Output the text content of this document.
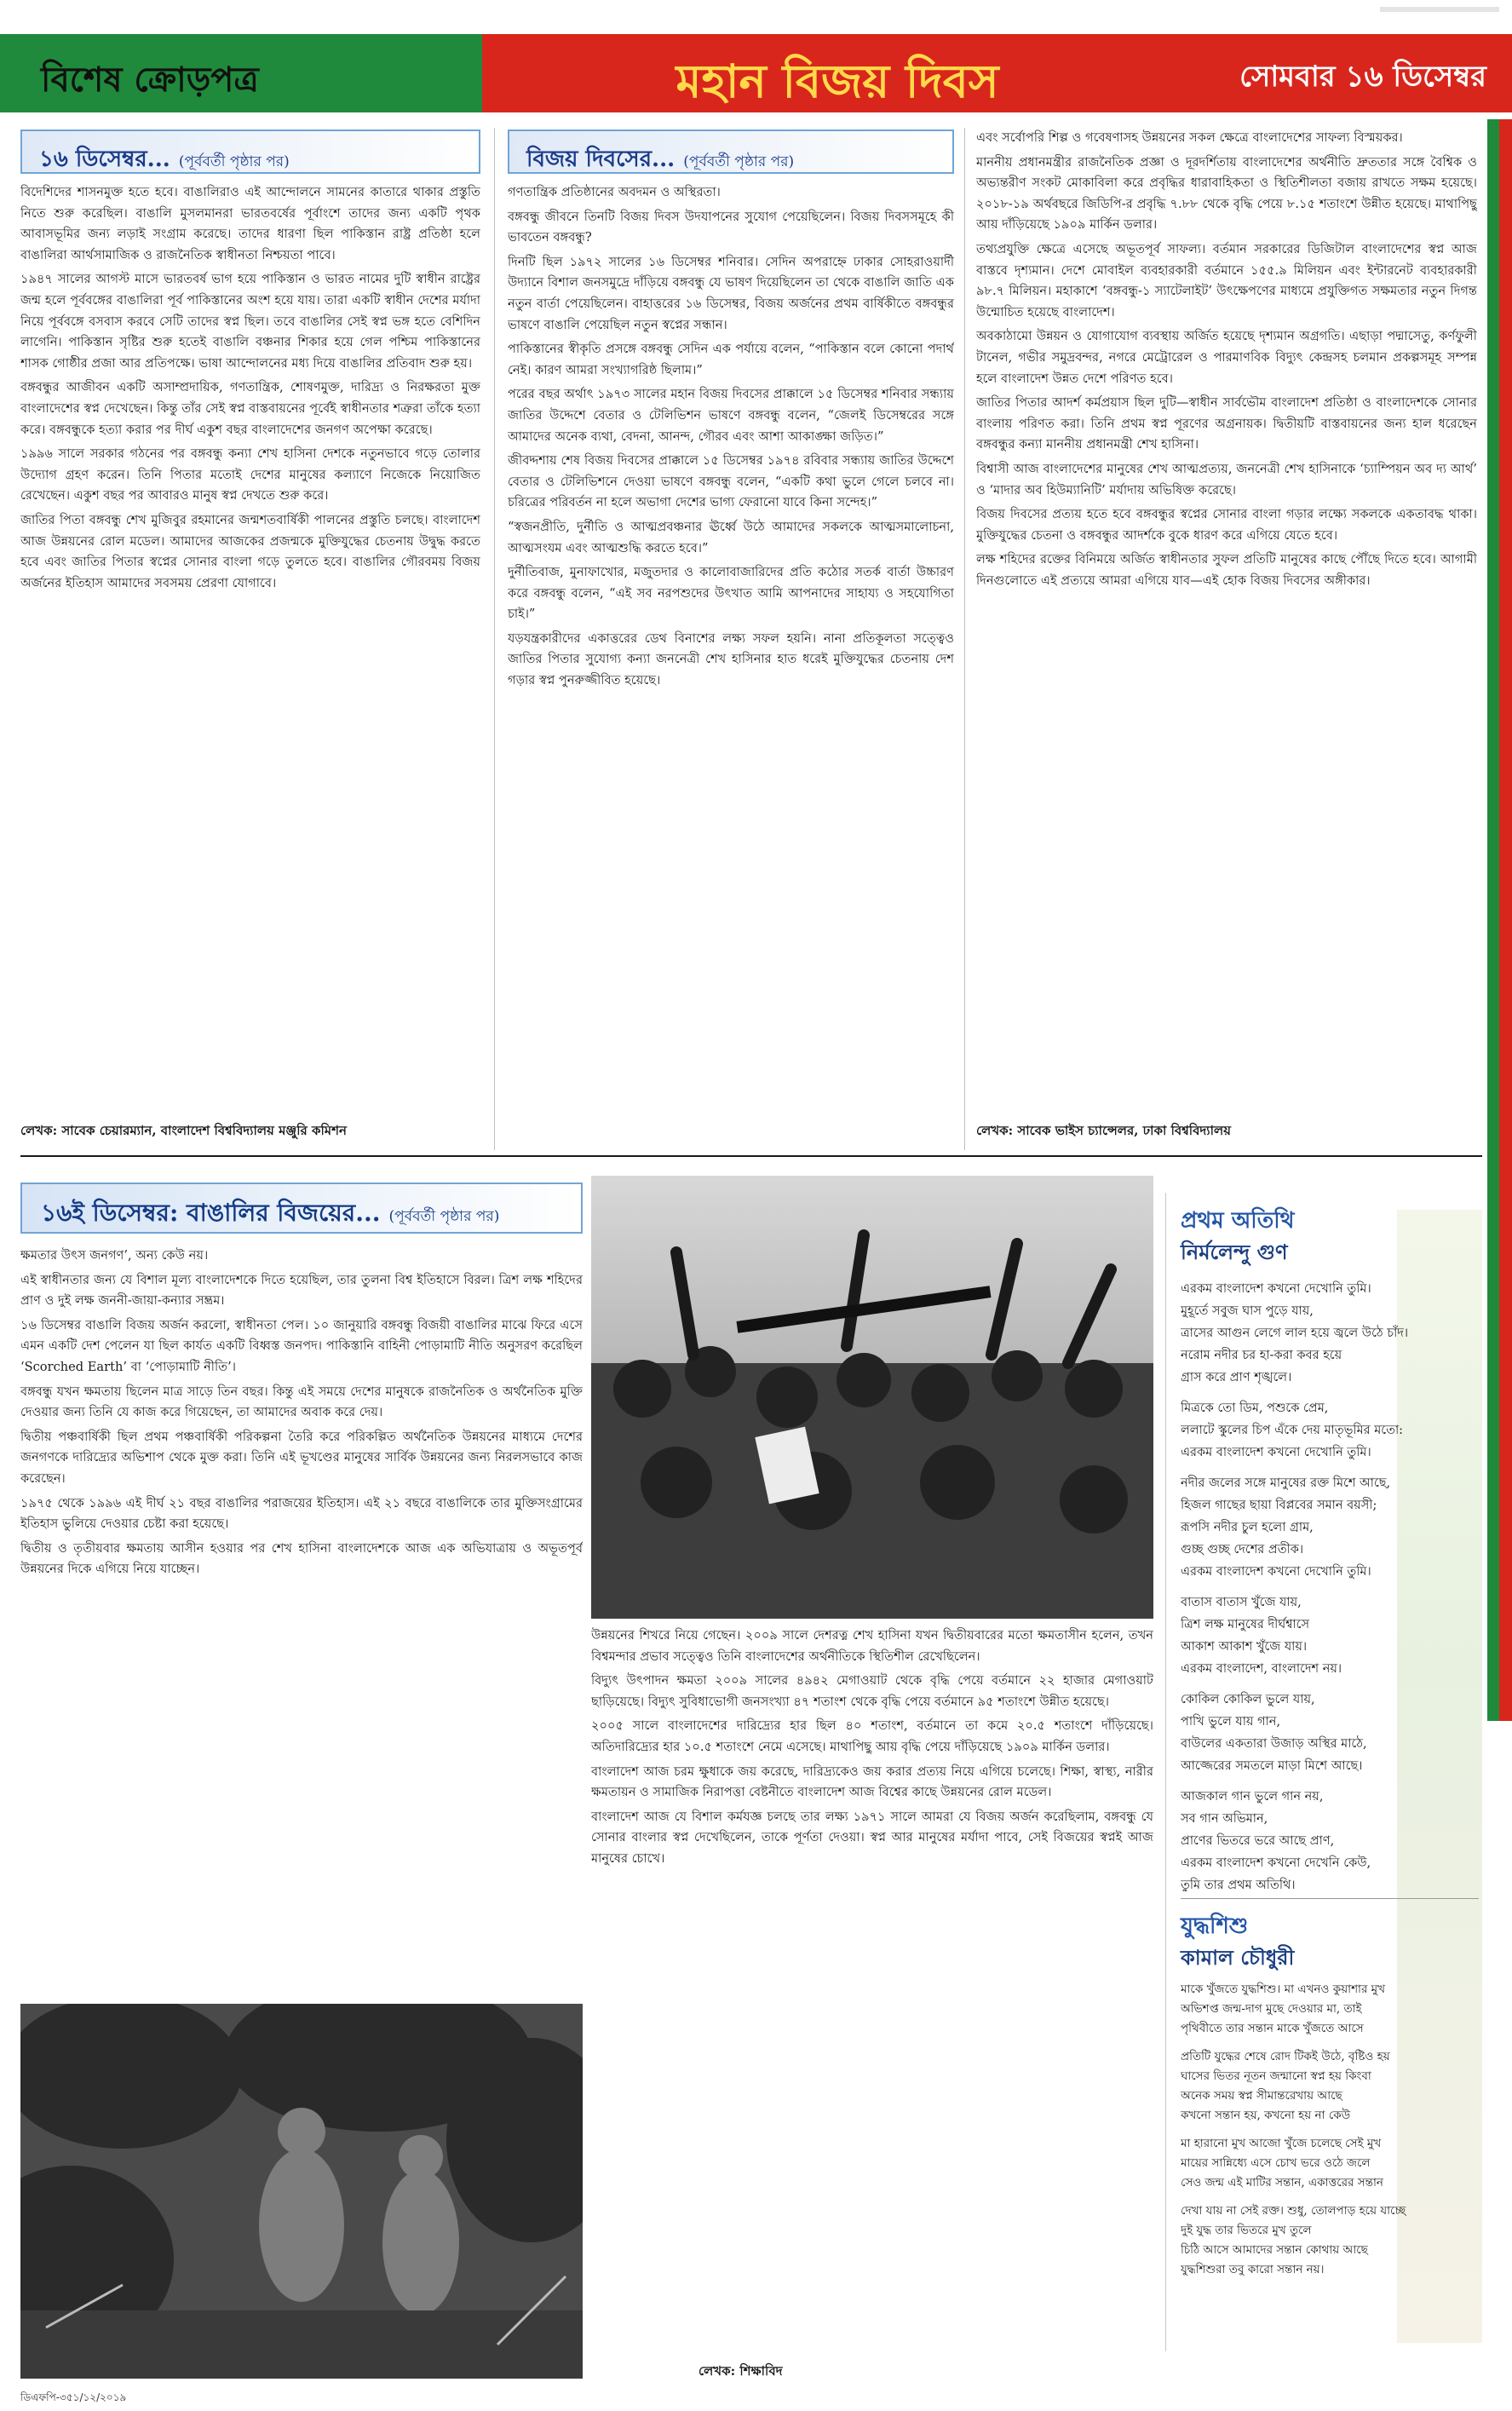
বিশেষ ক্রোড়পত্র	মহান বিজয় দিবস	সোমবার ১৬ ডিসেম্বর ২০১৯
১৬ ডিসেম্বর... (পূর্ববর্তী পৃষ্ঠার পর)

বিদেশিদের শাসনমুক্ত হতে হবে। বাঙালিরাও এই আন্দোলনে সামনের কাতারে থাকার প্রস্তুতি নিতে শুরু করেছিল। বাঙালি মুসলমানরা ভারতবর্ষের পূর্বাংশে তাদের জন্য একটি পৃথক আবাসভূমির জন্য লড়াই সংগ্রাম করেছে। তাদের ধারণা ছিল পাকিস্তান রাষ্ট্র প্রতিষ্ঠা হলে বাঙালিরা আর্থসামাজিক ও রাজনৈতিক স্বাধীনতা নিশ্চয়তা পাবে।

১৯৪৭ সালের আগস্ট মাসে ভারতবর্ষ ভাগ হয়ে পাকিস্তান ও ভারত নামের দুটি স্বাধীন রাষ্ট্রের জন্ম হলে পূর্ববঙ্গের বাঙালিরা পূর্ব পাকিস্তানের অংশ হয়ে যায়। তারা একটি স্বাধীন দেশের মর্যাদা নিয়ে পূর্ববঙ্গে বসবাস করবে সেটি তাদের স্বপ্ন ছিল। তবে বাঙালির সেই স্বপ্ন ভঙ্গ হতে বেশিদিন লাগেনি। পাকিস্তান সৃষ্টির শুরু হতেই বাঙালি বঞ্চনার শিকার হয়ে গেল পশ্চিম পাকিস্তানের শাসক গোষ্ঠীর প্রজা আর প্রতিপক্ষে। ভাষা আন্দোলনের মধ্য দিয়ে বাঙালির প্রতিবাদ শুরু হয়।

বঙ্গবন্ধুর আজীবন একটি অসাম্প্রদায়িক, গণতান্ত্রিক, শোষণমুক্ত, দারিদ্র্য ও নিরক্ষরতা মুক্ত বাংলাদেশের স্বপ্ন দেখেছেন। কিন্তু তাঁর সেই স্বপ্ন বাস্তবায়নের পূর্বেই স্বাধীনতার শত্রুরা তাঁকে হত্যা করে। বঙ্গবন্ধুকে হত্যা করার পর দীর্ঘ একুশ বছর বাংলাদেশের জনগণ অপেক্ষা করেছে।

১৯৯৬ সালে সরকার গঠনের পর বঙ্গবন্ধু কন্যা শেখ হাসিনা দেশকে নতুনভাবে গড়ে তোলার উদ্যোগ গ্রহণ করেন। তিনি পিতার মতোই দেশের মানুষের কল্যাণে নিজেকে নিয়োজিত রেখেছেন। একুশ বছর পর আবারও মানুষ স্বপ্ন দেখতে শুরু করে।

জাতির পিতা বঙ্গবন্ধু শেখ মুজিবুর রহমানের জন্মশতবার্ষিকী পালনের প্রস্তুতি চলছে। বাংলাদেশ আজ উন্নয়নের রোল মডেল। আমাদের আজকের প্রজন্মকে মুক্তিযুদ্ধের চেতনায় উদ্বুদ্ধ করতে হবে এবং জাতির পিতার স্বপ্নের সোনার বাংলা গড়ে তুলতে হবে। বাঙালির গৌরবময় বিজয় অর্জনের ইতিহাস আমাদের সবসময় প্রেরণা যোগাবে।

লেখক: সাবেক চেয়ারম্যান, বাংলাদেশ বিশ্ববিদ্যালয় মঞ্জুরি কমিশন
বিজয় দিবসের... (পূর্ববর্তী পৃষ্ঠার পর)

গণতান্ত্রিক প্রতিষ্ঠানের অবদমন ও অস্থিরতা।

বঙ্গবন্ধু জীবনে তিনটি বিজয় দিবস উদযাপনের সুযোগ পেয়েছিলেন। বিজয় দিবসসমূহে কী ভাবতেন বঙ্গবন্ধু?

দিনটি ছিল ১৯৭২ সালের ১৬ ডিসেম্বর শনিবার। সেদিন অপরাহ্নে ঢাকার সোহরাওয়ার্দী উদ্যানে বিশাল জনসমুদ্রে দাঁড়িয়ে বঙ্গবন্ধু যে ভাষণ দিয়েছিলেন তা থেকে বাঙালি জাতি এক নতুন বার্তা পেয়েছিলেন। বাহাত্তরের ১৬ ডিসেম্বর, বিজয় অর্জনের প্রথম বার্ষিকীতে বঙ্গবন্ধুর ভাষণে বাঙালি পেয়েছিল নতুন স্বপ্নের সন্ধান।

পাকিস্তানের স্বীকৃতি প্রসঙ্গে বঙ্গবন্ধু সেদিন এক পর্যায়ে বলেন, “পাকিস্তান বলে কোনো পদার্থ নেই। কারণ আমরা সংখ্যাগরিষ্ঠ ছিলাম।”

পরের বছর অর্থাৎ ১৯৭৩ সালের মহান বিজয় দিবসের প্রাক্কালে ১৫ ডিসেম্বর শনিবার সন্ধ্যায় জাতির উদ্দেশে বেতার ও টেলিভিশন ভাষণে বঙ্গবন্ধু বলেন, “জেলই ডিসেম্বরের সঙ্গে আমাদের অনেক ব্যথা, বেদনা, আনন্দ, গৌরব এবং আশা আকাঙ্ক্ষা জড়িত।”

জীবদ্দশায় শেষ বিজয় দিবসের প্রাক্কালে ১৫ ডিসেম্বর ১৯৭৪ রবিবার সন্ধ্যায় জাতির উদ্দেশে বেতার ও টেলিভিশনে দেওয়া ভাষণে বঙ্গবন্ধু বলেন, “একটি কথা ভুলে গেলে চলবে না। চরিত্রের পরিবর্তন না হলে অভাগা দেশের ভাগ্য ফেরানো যাবে কিনা সন্দেহ।”

“স্বজনপ্রীতি, দুর্নীতি ও আত্মপ্রবঞ্চনার ঊর্ধ্বে উঠে আমাদের সকলকে আত্মসমালোচনা, আত্মসংযম এবং আত্মশুদ্ধি করতে হবে।”

দুর্নীতিবাজ, মুনাফাখোর, মজুতদার ও কালোবাজারিদের প্রতি কঠোর সতর্ক বার্তা উচ্চারণ করে বঙ্গবন্ধু বলেন, “এই সব নরপশুদের উৎখাত আমি আপনাদের সাহায্য ও সহযোগিতা চাই।”

যড়যন্ত্রকারীদের একাত্তরের ডেথ বিনাশের লক্ষ্য সফল হয়নি। নানা প্রতিকূলতা সত্ত্বেও জাতির পিতার সুযোগ্য কন্যা জননেত্রী শেখ হাসিনার হাত ধরেই মুক্তিযুদ্ধের চেতনায় দেশ গড়ার স্বপ্ন পুনরুজ্জীবিত হয়েছে।

এবং সর্বোপরি শিল্প ও গবেষণাসহ উন্নয়নের সকল ক্ষেত্রে বাংলাদেশের সাফল্য বিস্ময়কর।

মাননীয় প্রধানমন্ত্রীর রাজনৈতিক প্রজ্ঞা ও দূরদর্শিতায় বাংলাদেশের অর্থনীতি দ্রুততার সঙ্গে বৈশ্বিক ও অভ্যন্তরীণ সংকট মোকাবিলা করে প্রবৃদ্ধির ধারাবাহিকতা ও স্থিতিশীলতা বজায় রাখতে সক্ষম হয়েছে। ২০১৮-১৯ অর্থবছরে জিডিপি-র প্রবৃদ্ধি ৭.৮৮ থেকে বৃদ্ধি পেয়ে ৮.১৫ শতাংশে উন্নীত হয়েছে। মাথাপিছু আয় দাঁড়িয়েছে ১৯০৯ মার্কিন ডলার।

তথ্যপ্রযুক্তি ক্ষেত্রে এসেছে অভূতপূর্ব সাফল্য। বর্তমান সরকারের ডিজিটাল বাংলাদেশের স্বপ্ন আজ বাস্তবে দৃশ্যমান। দেশে মোবাইল ব্যবহারকারী বর্তমানে ১৫৫.৯ মিলিয়ন এবং ইন্টারনেট ব্যবহারকারী ৯৮.৭ মিলিয়ন। মহাকাশে ‘বঙ্গবন্ধু-১ স্যাটেলাইট’ উৎক্ষেপণের মাধ্যমে প্রযুক্তিগত সক্ষমতার নতুন দিগন্ত উন্মোচিত হয়েছে বাংলাদেশ।

অবকাঠামো উন্নয়ন ও যোগাযোগ ব্যবস্থায় অর্জিত হয়েছে দৃশ্যমান অগ্রগতি। এছাড়া পদ্মাসেতু, কর্ণফুলী টানেল, গভীর সমুদ্রবন্দর, নগরে মেট্রোরেল ও পারমাণবিক বিদ্যুৎ কেন্দ্রসহ চলমান প্রকল্পসমূহ সম্পন্ন হলে বাংলাদেশ উন্নত দেশে পরিণত হবে।

জাতির পিতার আদর্শ কর্মপ্রয়াস ছিল দুটি—স্বাধীন সার্বভৌম বাংলাদেশ প্রতিষ্ঠা ও বাংলাদেশকে সোনার বাংলায় পরিণত করা। তিনি প্রথম স্বপ্ন পূরণের অগ্রনায়ক। দ্বিতীয়টি বাস্তবায়নের জন্য হাল ধরেছেন বঙ্গবন্ধুর কন্যা মাননীয় প্রধানমন্ত্রী শেখ হাসিনা।

বিশ্বাসী আজ বাংলাদেশের মানুষের শেখ আত্মপ্রত্যয়, জননেত্রী শেখ হাসিনাকে ‘চ্যাম্পিয়ন অব দ্য আর্থ’ ও ‘মাদার অব হিউম্যানিটি’ মর্যাদায় অভিষিক্ত করেছে।

বিজয় দিবসের প্রত্যয় হতে হবে বঙ্গবন্ধুর স্বপ্নের সোনার বাংলা গড়ার লক্ষ্যে সকলকে একতাবদ্ধ থাকা। মুক্তিযুদ্ধের চেতনা ও বঙ্গবন্ধুর আদর্শকে বুকে ধারণ করে এগিয়ে যেতে হবে।

লক্ষ শহিদের রক্তের বিনিময়ে অর্জিত স্বাধীনতার সুফল প্রতিটি মানুষের কাছে পৌঁছে দিতে হবে। আগামী দিনগুলোতে এই প্রত্যয়ে আমরা এগিয়ে যাব—এই হোক বিজয় দিবসের অঙ্গীকার।

লেখক: সাবেক ভাইস চ্যান্সেলর, ঢাকা বিশ্ববিদ্যালয়
১৬ই ডিসেম্বর: বাঙালির বিজয়ের... (পূর্ববর্তী পৃষ্ঠার পর)

ক্ষমতার উৎস জনগণ’, অন্য কেউ নয়।

এই স্বাধীনতার জন্য যে বিশাল মূল্য বাংলাদেশকে দিতে হয়েছিল, তার তুলনা বিশ্ব ইতিহাসে বিরল। ত্রিশ লক্ষ শহিদের প্রাণ ও দুই লক্ষ জননী-জায়া-কন্যার সম্ভ্রম।

১৬ ডিসেম্বর বাঙালি বিজয় অর্জন করলো, স্বাধীনতা পেল। ১০ জানুয়ারি বঙ্গবন্ধু বিজয়ী বাঙালির মাঝে ফিরে এসে এমন একটি দেশ পেলেন যা ছিল কার্যত একটি বিধ্বস্ত জনপদ। পাকিস্তানি বাহিনী পোড়ামাটি নীতি অনুসরণ করেছিল ‘Scorched Earth’ বা ‘পোড়ামাটি নীতি’।

বঙ্গবন্ধু যখন ক্ষমতায় ছিলেন মাত্র সাড়ে তিন বছর। কিন্তু এই সময়ে দেশের মানুষকে রাজনৈতিক ও অর্থনৈতিক মুক্তি দেওয়ার জন্য তিনি যে কাজ করে গিয়েছেন, তা আমাদের অবাক করে দেয়।

দ্বিতীয় পঞ্চবার্ষিকী ছিল প্রথম পঞ্চবার্ষিকী পরিকল্পনা তৈরি করে পরিকল্পিত অর্থনৈতিক উন্নয়নের মাধ্যমে দেশের জনগণকে দারিদ্র্যের অভিশাপ থেকে মুক্ত করা। তিনি এই ভূখণ্ডের মানুষের সার্বিক উন্নয়নের জন্য নিরলসভাবে কাজ করেছেন।

১৯৭৫ থেকে ১৯৯৬ এই দীর্ঘ ২১ বছর বাঙালির পরাজয়ের ইতিহাস। এই ২১ বছরে বাঙালিকে তার মুক্তিসংগ্রামের ইতিহাস ভুলিয়ে দেওয়ার চেষ্টা করা হয়েছে।

দ্বিতীয় ও তৃতীয়বার ক্ষমতায় আসীন হওয়ার পর শেখ হাসিনা বাংলাদেশকে আজ এক অভিযাত্রায় ও অভূতপূর্ব উন্নয়নের দিকে এগিয়ে নিয়ে যাচ্ছেন।

উন্নয়নের শিখরে নিয়ে গেছেন। ২০০৯ সালে দেশরত্ন শেখ হাসিনা যখন দ্বিতীয়বারের মতো ক্ষমতাসীন হলেন, তখন বিশ্বমন্দার প্রভাব সত্ত্বেও তিনি বাংলাদেশের অর্থনীতিকে স্থিতিশীল রেখেছিলেন।

বিদ্যুৎ উৎপাদন ক্ষমতা ২০০৯ সালের ৪৯৪২ মেগাওয়াট থেকে বৃদ্ধি পেয়ে বর্তমানে ২২ হাজার মেগাওয়াট ছাড়িয়েছে। বিদ্যুৎ সুবিধাভোগী জনসংখ্যা ৪৭ শতাংশ থেকে বৃদ্ধি পেয়ে বর্তমানে ৯৫ শতাংশে উন্নীত হয়েছে।

২০০৫ সালে বাংলাদেশের দারিদ্র্যের হার ছিল ৪০ শতাংশ, বর্তমানে তা কমে ২০.৫ শতাংশে দাঁড়িয়েছে। অতিদারিদ্র্যের হার ১০.৫ শতাংশে নেমে এসেছে। মাথাপিছু আয় বৃদ্ধি পেয়ে দাঁড়িয়েছে ১৯০৯ মার্কিন ডলার।

বাংলাদেশ আজ চরম ক্ষুধাকে জয় করেছে, দারিদ্র্যকেও জয় করার প্রত্যয় নিয়ে এগিয়ে চলেছে। শিক্ষা, স্বাস্থ্য, নারীর ক্ষমতায়ন ও সামাজিক নিরাপত্তা বেষ্টনীতে বাংলাদেশ আজ বিশ্বের কাছে উন্নয়নের রোল মডেল।

বাংলাদেশ আজ যে বিশাল কর্মযজ্ঞ চলছে তার লক্ষ্য ১৯৭১ সালে আমরা যে বিজয় অর্জন করেছিলাম, বঙ্গবন্ধু যে সোনার বাংলার স্বপ্ন দেখেছিলেন, তাকে পূর্ণতা দেওয়া। স্বপ্ন আর মানুষের মর্যাদা পাবে, সেই বিজয়ের স্বপ্নই আজ মানুষের চোখে।

লেখক: শিক্ষাবিদ
প্রথম অতিথি
নির্মলেন্দু গুণ

এরকম বাংলাদেশ কখনো দেখোনি তুমি।
মুহূর্তে সবুজ ঘাস পুড়ে যায়,
ত্রাসের আগুন লেগে লাল হয়ে জ্বলে উঠে চাঁদ।
নরোম নদীর চর হা-করা কবর হয়ে
গ্রাস করে প্রাণ শৃঙ্খলে।

মিত্রকে তো ডিম, পশুকে প্রেম,
ললাটে স্কুলের চিপ এঁকে দেয় মাতৃভূমির মতো:
এরকম বাংলাদেশ কখনো দেখোনি তুমি।

নদীর জলের সঙ্গে মানুষের রক্ত মিশে আছে,
হিজল গাছের ছায়া বিপ্লবের সমান বয়সী;
রূপসি নদীর চুল হলো গ্রাম,
গুচ্ছ গুচ্ছ দেশের প্রতীক।
এরকম বাংলাদেশ কখনো দেখোনি তুমি।

বাতাস বাতাস খুঁজে যায়,
ত্রিশ লক্ষ মানুষের দীর্ঘশ্বাসে
আকাশ আকাশ খুঁজে যায়।
এরকম বাংলাদেশ, বাংলাদেশ নয়।

কোকিল কোকিল ভুলে যায়,
পাখি ভুলে যায় গান,
বাউলের একতারা উজাড় অস্থির মাঠে,
আজ্জেরের সমতলে মাড়া মিশে আছে।

আজকাল গান ভুলে গান নয়,
সব গান অভিমান,
প্রাণের ভিতরে ভরে আছে প্রাণ,
এরকম বাংলাদেশ কখনো দেখেনি কেউ,
তুমি তার প্রথম অতিথি।

যুদ্ধশিশু
কামাল চৌধুরী

মাকে খুঁজতে যুদ্ধশিশু। মা এখনও কুয়াশার মুখ
অভিশপ্ত জন্ম-দাগ মুছে দেওয়ার মা, তাই
পৃথিবীতে তার সন্তান মাকে খুঁজতে আসে

প্রতিটি যুদ্ধের শেষে রোদ টিকই উঠে, বৃষ্টিও হয়
ঘাসের ভিতর নূতন জন্মানো স্বপ্ন হয় কিংবা
অনেক সময় স্বপ্ন সীমান্তরেখায় আছে
কখনো সন্তান হয়, কখনো হয় না কেউ

মা হারানো মুখ আজো খুঁজে চলেছে সেই মুখ
মায়ের সান্নিধ্যে এসে চোখ ভরে ওঠে জলে
সেও জন্ম এই মাটির সন্তান, একাত্তরের সন্তান

দেখা যায় না সেই রক্ত। শুধু, তোলপাড় হয়ে যাচ্ছে
দুই যুদ্ধ তার ভিতরে মুখ তুলে
চিঠি আসে আমাদের সন্তান কোথায় আছে
যুদ্ধশিশুরা তবু কারো সন্তান নয়।

ডিএফপি-৩৫১/১২/২০১৯
